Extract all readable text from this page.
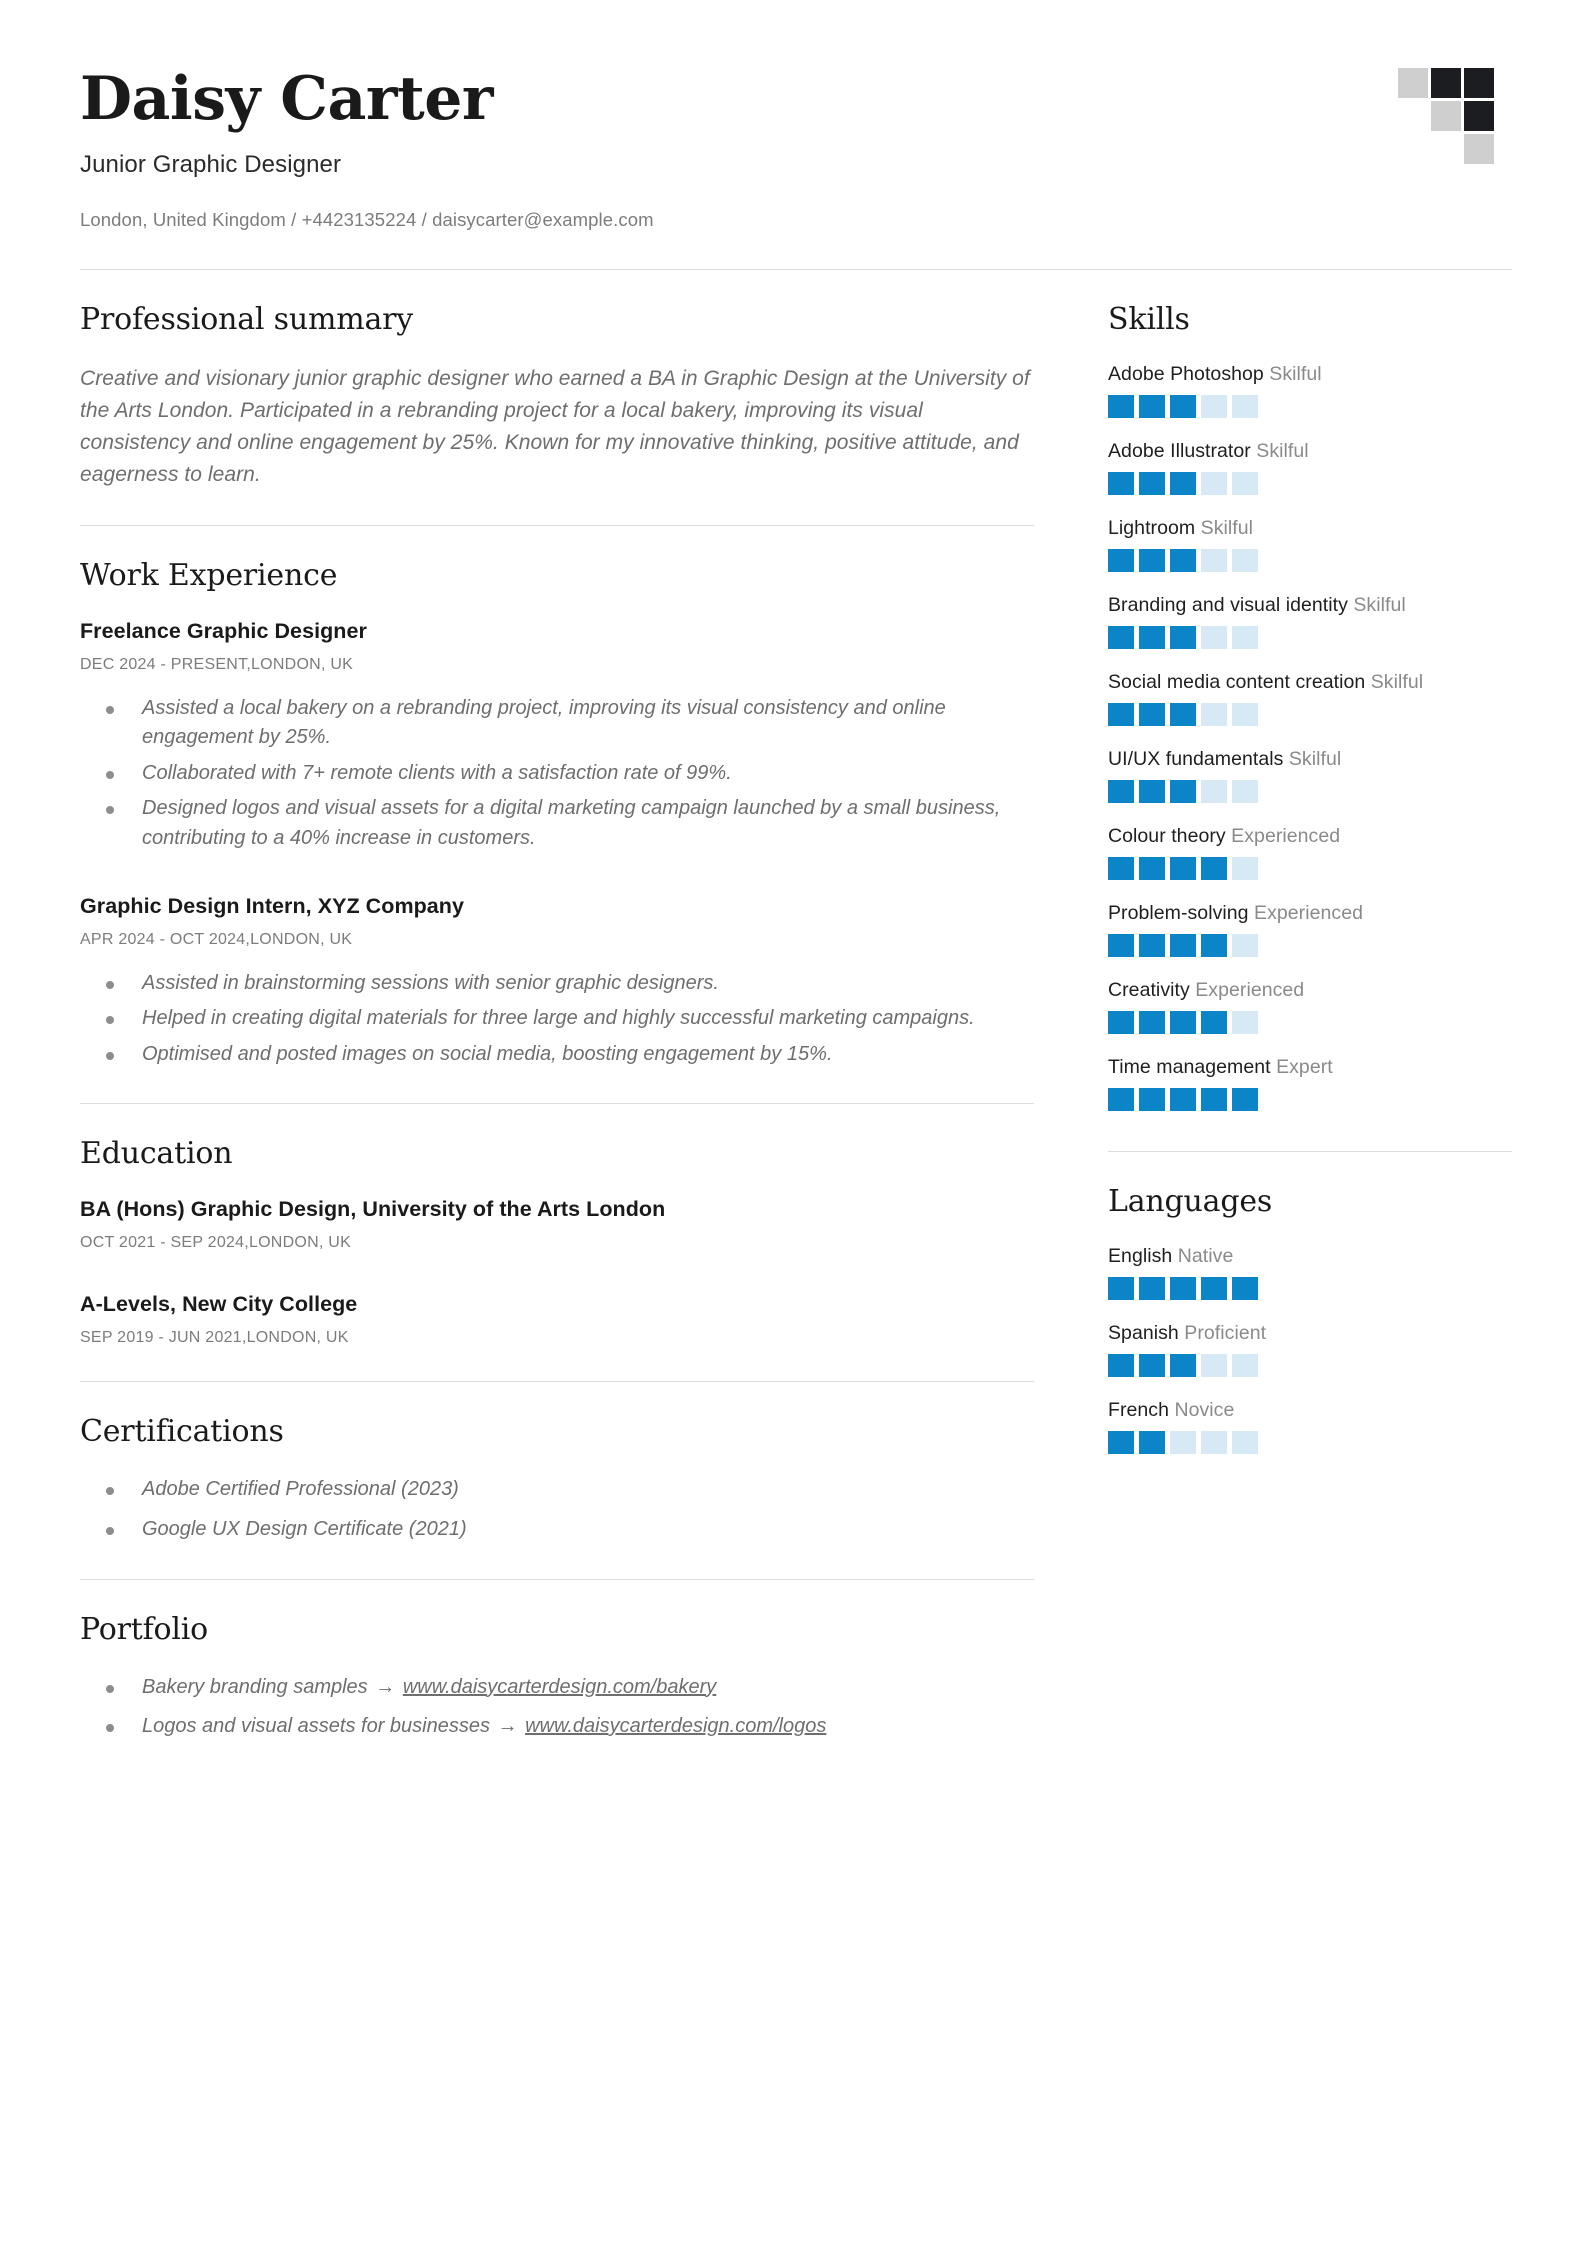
Daisy Carter
Junior Graphic Designer
London, United Kingdom / +4423135224 / daisycarter@example.com
Professional summary
Creative and visionary junior graphic designer who earned a BA in Graphic Design at the University of the Arts London. Participated in a rebranding project for a local bakery, improving its visual consistency and online engagement by 25%. Known for my innovative thinking, positive attitude, and eagerness to learn.
Work Experience
Freelance Graphic Designer
DEC 2024 - PRESENT,LONDON, UK
Assisted a local bakery on a rebranding project, improving its visual consistency and online engagement by 25%.
Collaborated with 7+ remote clients with a satisfaction rate of 99%.
Designed logos and visual assets for a digital marketing campaign launched by a small business, contributing to a 40% increase in customers.
Graphic Design Intern, XYZ Company
APR 2024 - OCT 2024,LONDON, UK
Assisted in brainstorming sessions with senior graphic designers.
Helped in creating digital materials for three large and highly successful marketing campaigns.
Optimised and posted images on social media, boosting engagement by 15%.
Education
BA (Hons) Graphic Design, University of the Arts London
OCT 2021 - SEP 2024,LONDON, UK
A-Levels, New City College
SEP 2019 - JUN 2021,LONDON, UK
Certifications
Adobe Certified Professional (2023)
Google UX Design Certificate (2021)
Portfolio
Bakery branding samples → www.daisycarterdesign.com/bakery
Logos and visual assets for businesses → www.daisycarterdesign.com/logos
Skills
Adobe Photoshop Skilful
Adobe Illustrator Skilful
Lightroom Skilful
Branding and visual identity Skilful
Social media content creation Skilful
UI/UX fundamentals Skilful
Colour theory Experienced
Problem-solving Experienced
Creativity Experienced
Time management Expert
Languages
English Native
Spanish Proficient
French Novice
